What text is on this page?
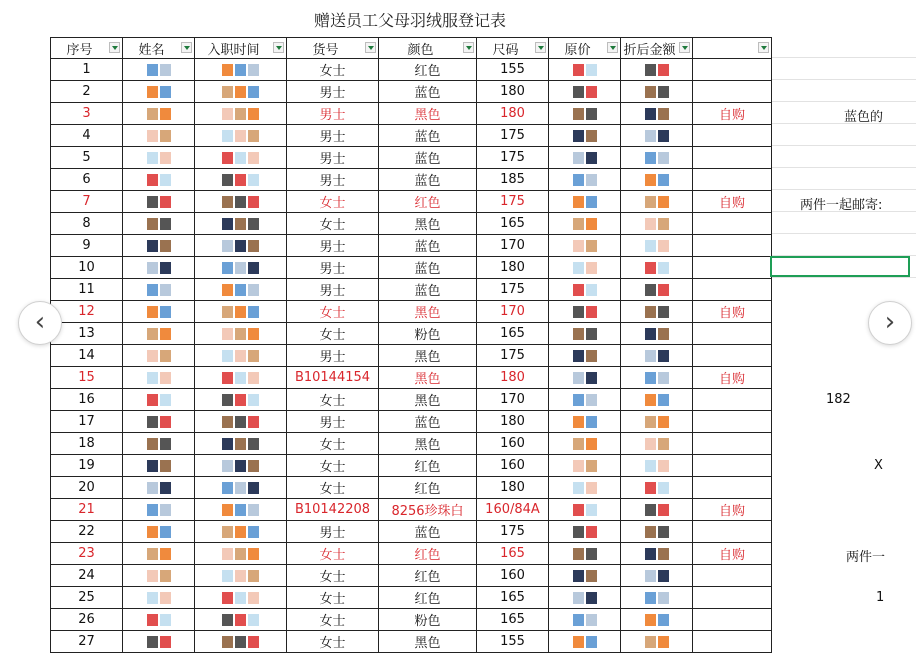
赠送员工父母羽绒服登记表
序号	姓名	入职时间	货号	颜色	尺码	原价	折后金额

1			女士	红色	155			
2			男士	蓝色	180			
3			男士	黑色	180			自购
4			男士	蓝色	175			
5			男士	蓝色	175			
6			男士	蓝色	185			
7			女士	红色	175			自购
8			女士	黑色	165			
9			男士	蓝色	170			
10			男士	蓝色	180			
11			男士	蓝色	175			
12			女士	黑色	170			自购
13			女士	粉色	165			
14			男士	黑色	175			
15			B10144154	黑色	180			自购
16			女士	黑色	170			
17			男士	蓝色	180			
18			女士	黑色	160			
19			女士	红色	160			
20			女士	红色	180			
21			B10142208	8256珍珠白	160/84A			自购
22			男士	蓝色	175			
23			女士	红色	165			自购
24			女士	红色	160			
25			女士	红色	165			
26			女士	粉色	165			
27			女士	黑色	155			
蓝色的
两件一起邮寄:
182
X
两件一
1
‹	›
